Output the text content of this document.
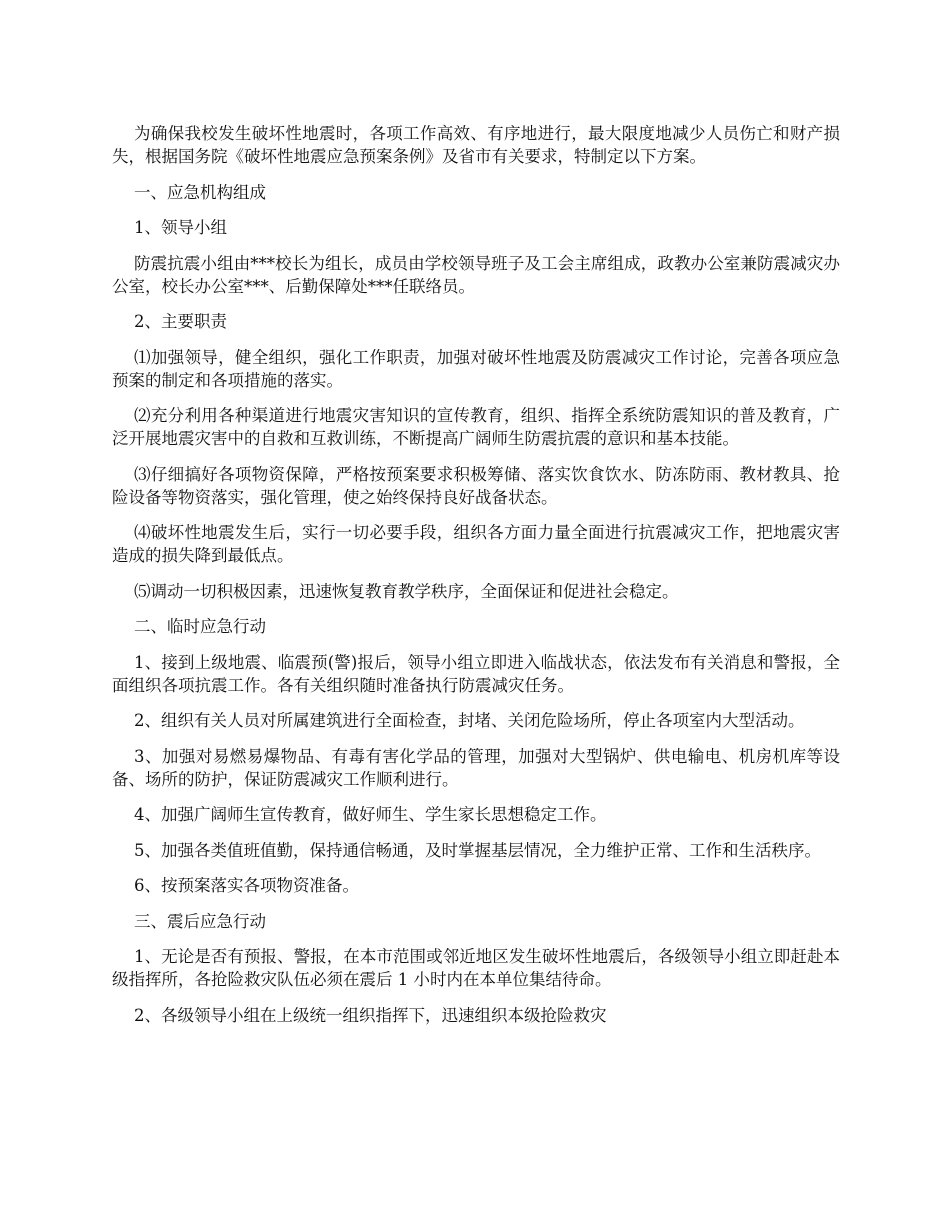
为确保我校发生破坏性地震时，各项工作高效、有序地进行，最大限度地减少人员伤亡和财产损失，根据国务院《破坏性地震应急预案条例》及省市有关要求，特制定以下方案。

一、应急机构组成

1、领导小组

防震抗震小组由***校长为组长，成员由学校领导班子及工会主席组成，政教办公室兼防震减灾办公室，校长办公室***、后勤保障处***任联络员。

2、主要职责

⑴加强领导，健全组织，强化工作职责，加强对破坏性地震及防震减灾工作讨论，完善各项应急预案的制定和各项措施的落实。

⑵充分利用各种渠道进行地震灾害知识的宣传教育，组织、指挥全系统防震知识的普及教育，广泛开展地震灾害中的自救和互救训练，不断提高广阔师生防震抗震的意识和基本技能。

⑶仔细搞好各项物资保障，严格按预案要求积极筹储、落实饮食饮水、防冻防雨、教材教具、抢险设备等物资落实，强化管理，使之始终保持良好战备状态。

⑷破坏性地震发生后，实行一切必要手段，组织各方面力量全面进行抗震减灾工作，把地震灾害造成的损失降到最低点。

⑸调动一切积极因素，迅速恢复教育教学秩序，全面保证和促进社会稳定。

二、临时应急行动

1、接到上级地震、临震预(警)报后，领导小组立即进入临战状态，依法发布有关消息和警报，全面组织各项抗震工作。各有关组织随时准备执行防震减灾任务。

2、组织有关人员对所属建筑进行全面检查，封堵、关闭危险场所，停止各项室内大型活动。

3、加强对易燃易爆物品、有毒有害化学品的管理，加强对大型锅炉、供电输电、机房机库等设备、场所的防护，保证防震减灾工作顺利进行。

4、加强广阔师生宣传教育，做好师生、学生家长思想稳定工作。

5、加强各类值班值勤，保持通信畅通，及时掌握基层情况，全力维护正常、工作和生活秩序。

6、按预案落实各项物资准备。

三、震后应急行动

1、无论是否有预报、警报，在本市范围或邻近地区发生破坏性地震后，各级领导小组立即赶赴本级指挥所，各抢险救灾队伍必须在震后 1 小时内在本单位集结待命。

2、各级领导小组在上级统一组织指挥下，迅速组织本级抢险救灾
